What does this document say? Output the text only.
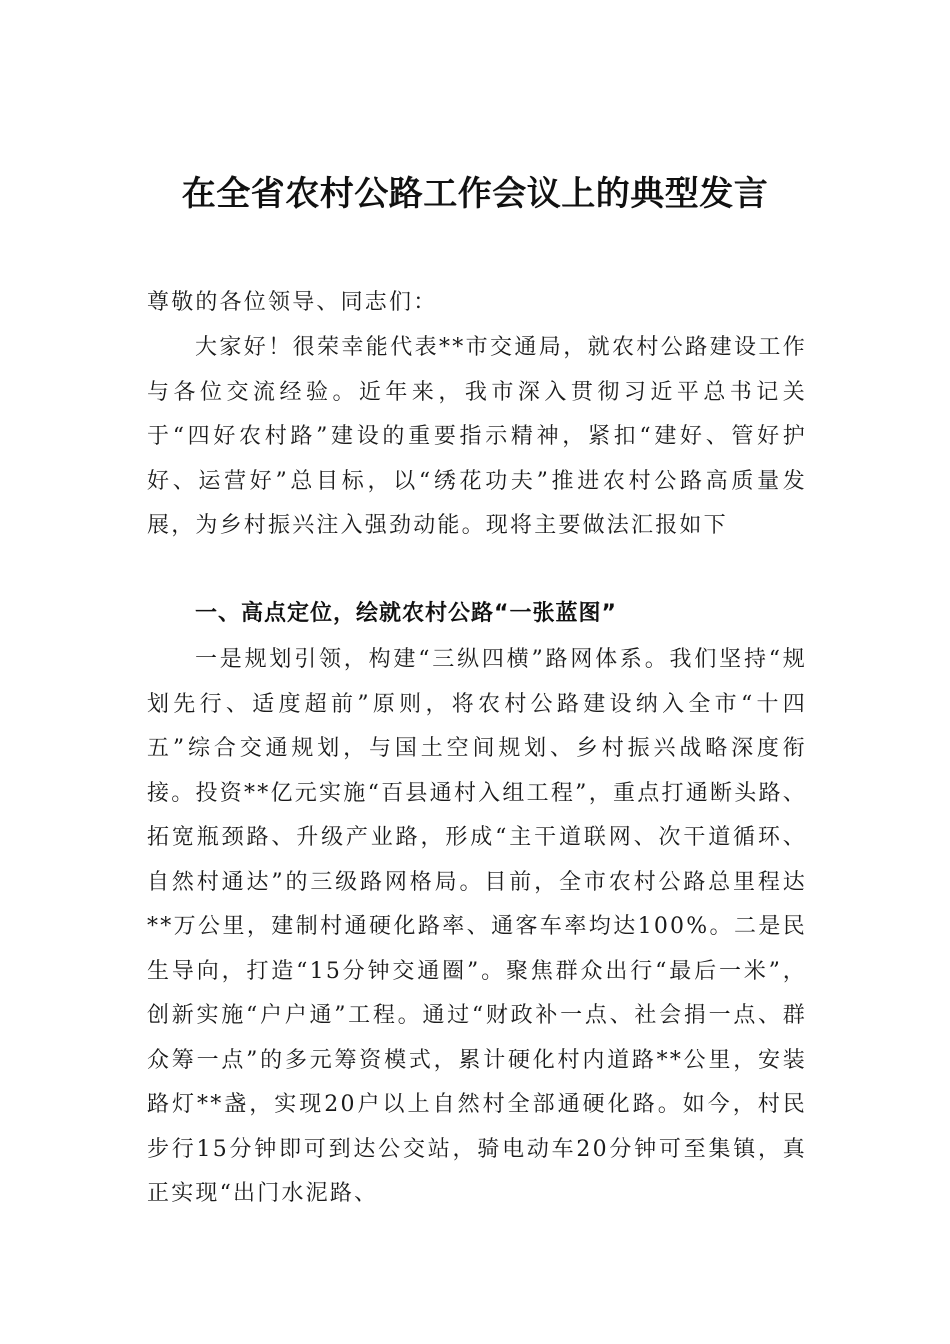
在全省农村公路工作会议上的典型发言
尊敬的各位领导、同志们：
大家好！很荣幸能代表**市交通局，就农村公路建设工作与各位交流经验。近年来，我市深入贯彻习近平总书记关于“四好农村路”建设的重要指示精神，紧扣“建好、管好护好、运营好”总目标，以“绣花功夫”推进农村公路高质量发展，为乡村振兴注入强劲动能。现将主要做法汇报如下
一、高点定位，绘就农村公路“一张蓝图”
一是规划引领，构建“三纵四横”路网体系。我们坚持“规划先行、适度超前”原则，将农村公路建设纳入全市“十四五”综合交通规划，与国土空间规划、乡村振兴战略深度衔接。投资**亿元实施“百县通村入组工程”，重点打通断头路、拓宽瓶颈路、升级产业路，形成“主干道联网、次干道循环、自然村通达”的三级路网格局。目前，全市农村公路总里程达**万公里，建制村通硬化路率、通客车率均达100%。二是民生导向，打造“15分钟交通圈”。聚焦群众出行“最后一米”，创新实施“户户通”工程。通过“财政补一点、社会捐一点、群众筹一点”的多元筹资模式，累计硬化村内道路**公里，安装路灯**盏，实现20户以上自然村全部通硬化路。如今，村民步行15分钟即可到达公交站，骑电动车20分钟可至集镇，真正实现“出门水泥路、
